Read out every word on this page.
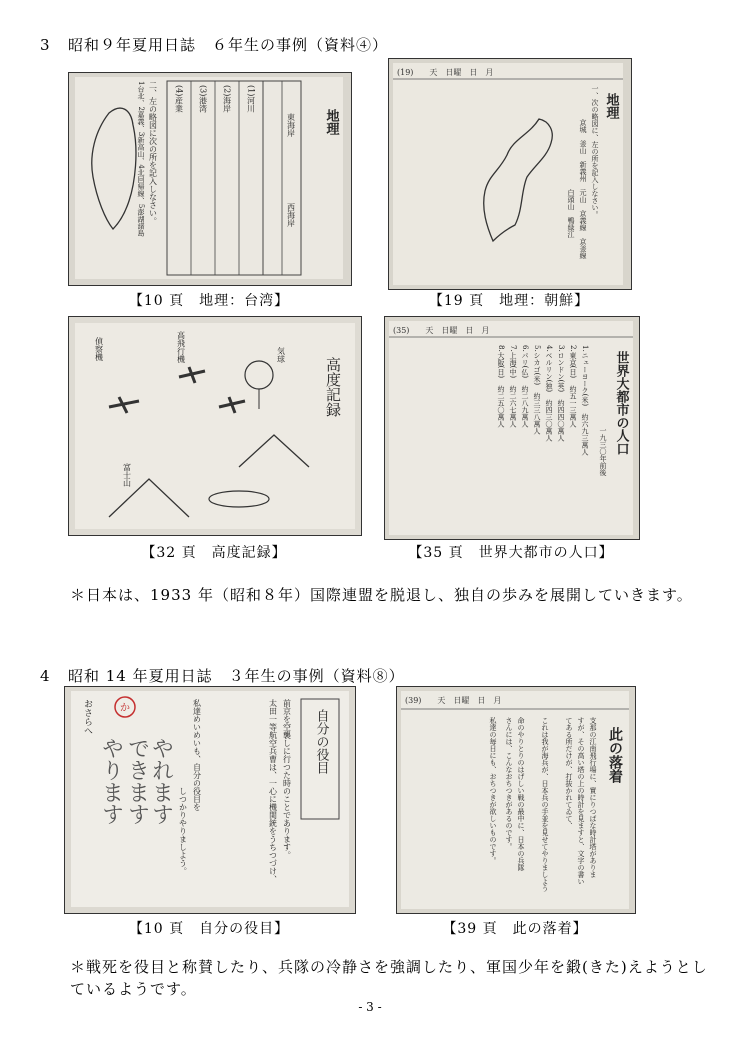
3 昭和９年夏用日誌　６年生の事例（資料④）
地理
二、左の略図に次の所を記入しなさい。
1台北、2嘉義、3新高山、4北回帰線、5澎湖諸島	(1)河川
(2)海岸
(3)港湾
(4)産業
東海岸
西海岸
【10 頁　地理：台湾】
(19)　　天　日曜　日　月
地理
一、次の略図に、左の所を記入しなさい。
京城　釜山　新義州　元山　京義線　京釜線
白頭山　鴨緑江
【19 頁　地理：朝鮮】
高度記録
高飛行機	気球
偵察機
富士山
【32 頁　高度記録】
(35)　　天　日曜　日　月
世界大都市の人口
一九三〇年前後
1.ニューヨーク(米)　約六九三萬人
2.東京(日)　約五一三萬人
3.ロンドン(英)　約四四〇萬人
4.ベルリン(独)　約四三〇萬人
5.シカゴ(米)　約三三八萬人
6.パリ(仏)　約二八九萬人
7.上海(中)　約二六七萬人
8.大阪(日)　約二五〇萬人
【35 頁　世界大都市の人口】
＊日本は、1933 年（昭和８年）国際連盟を脱退し、独自の歩みを展開していきます。
4 昭和 14 年夏用日誌　３年生の事例（資料⑧）
自分の役目
前京を空襲しに行つた時のことであります。
太田一等航空兵曹は、一心に機関銃をうちつづけ、
私達めいめいも、自分の役目を
しつかりやりましよう。
おさらへ
やります やれます
できます
か
【10 頁　自分の役目】
(39)　　天　日曜　日　月
此の落着
支那の江南飛行場に、實にりつぱな時計塔がありま
すが、その高い塔の上の時計を見ますと、文字の書い
てある所だけが、打抜かれてゐて、
これは我が海兵が、日本兵の手並を見せてやりましよう
命のやりとりのはげしい戦の最中に、日本の兵隊
さんには、こんなおちつきがあるのです。
私達の毎日にも、おちつきが欲しいものです。
【39 頁　此の落着】
＊戦死を役目と称賛したり、兵隊の冷静さを強調したり、軍国少年を鍛(きた)えようとしているようです。
- 3 -
